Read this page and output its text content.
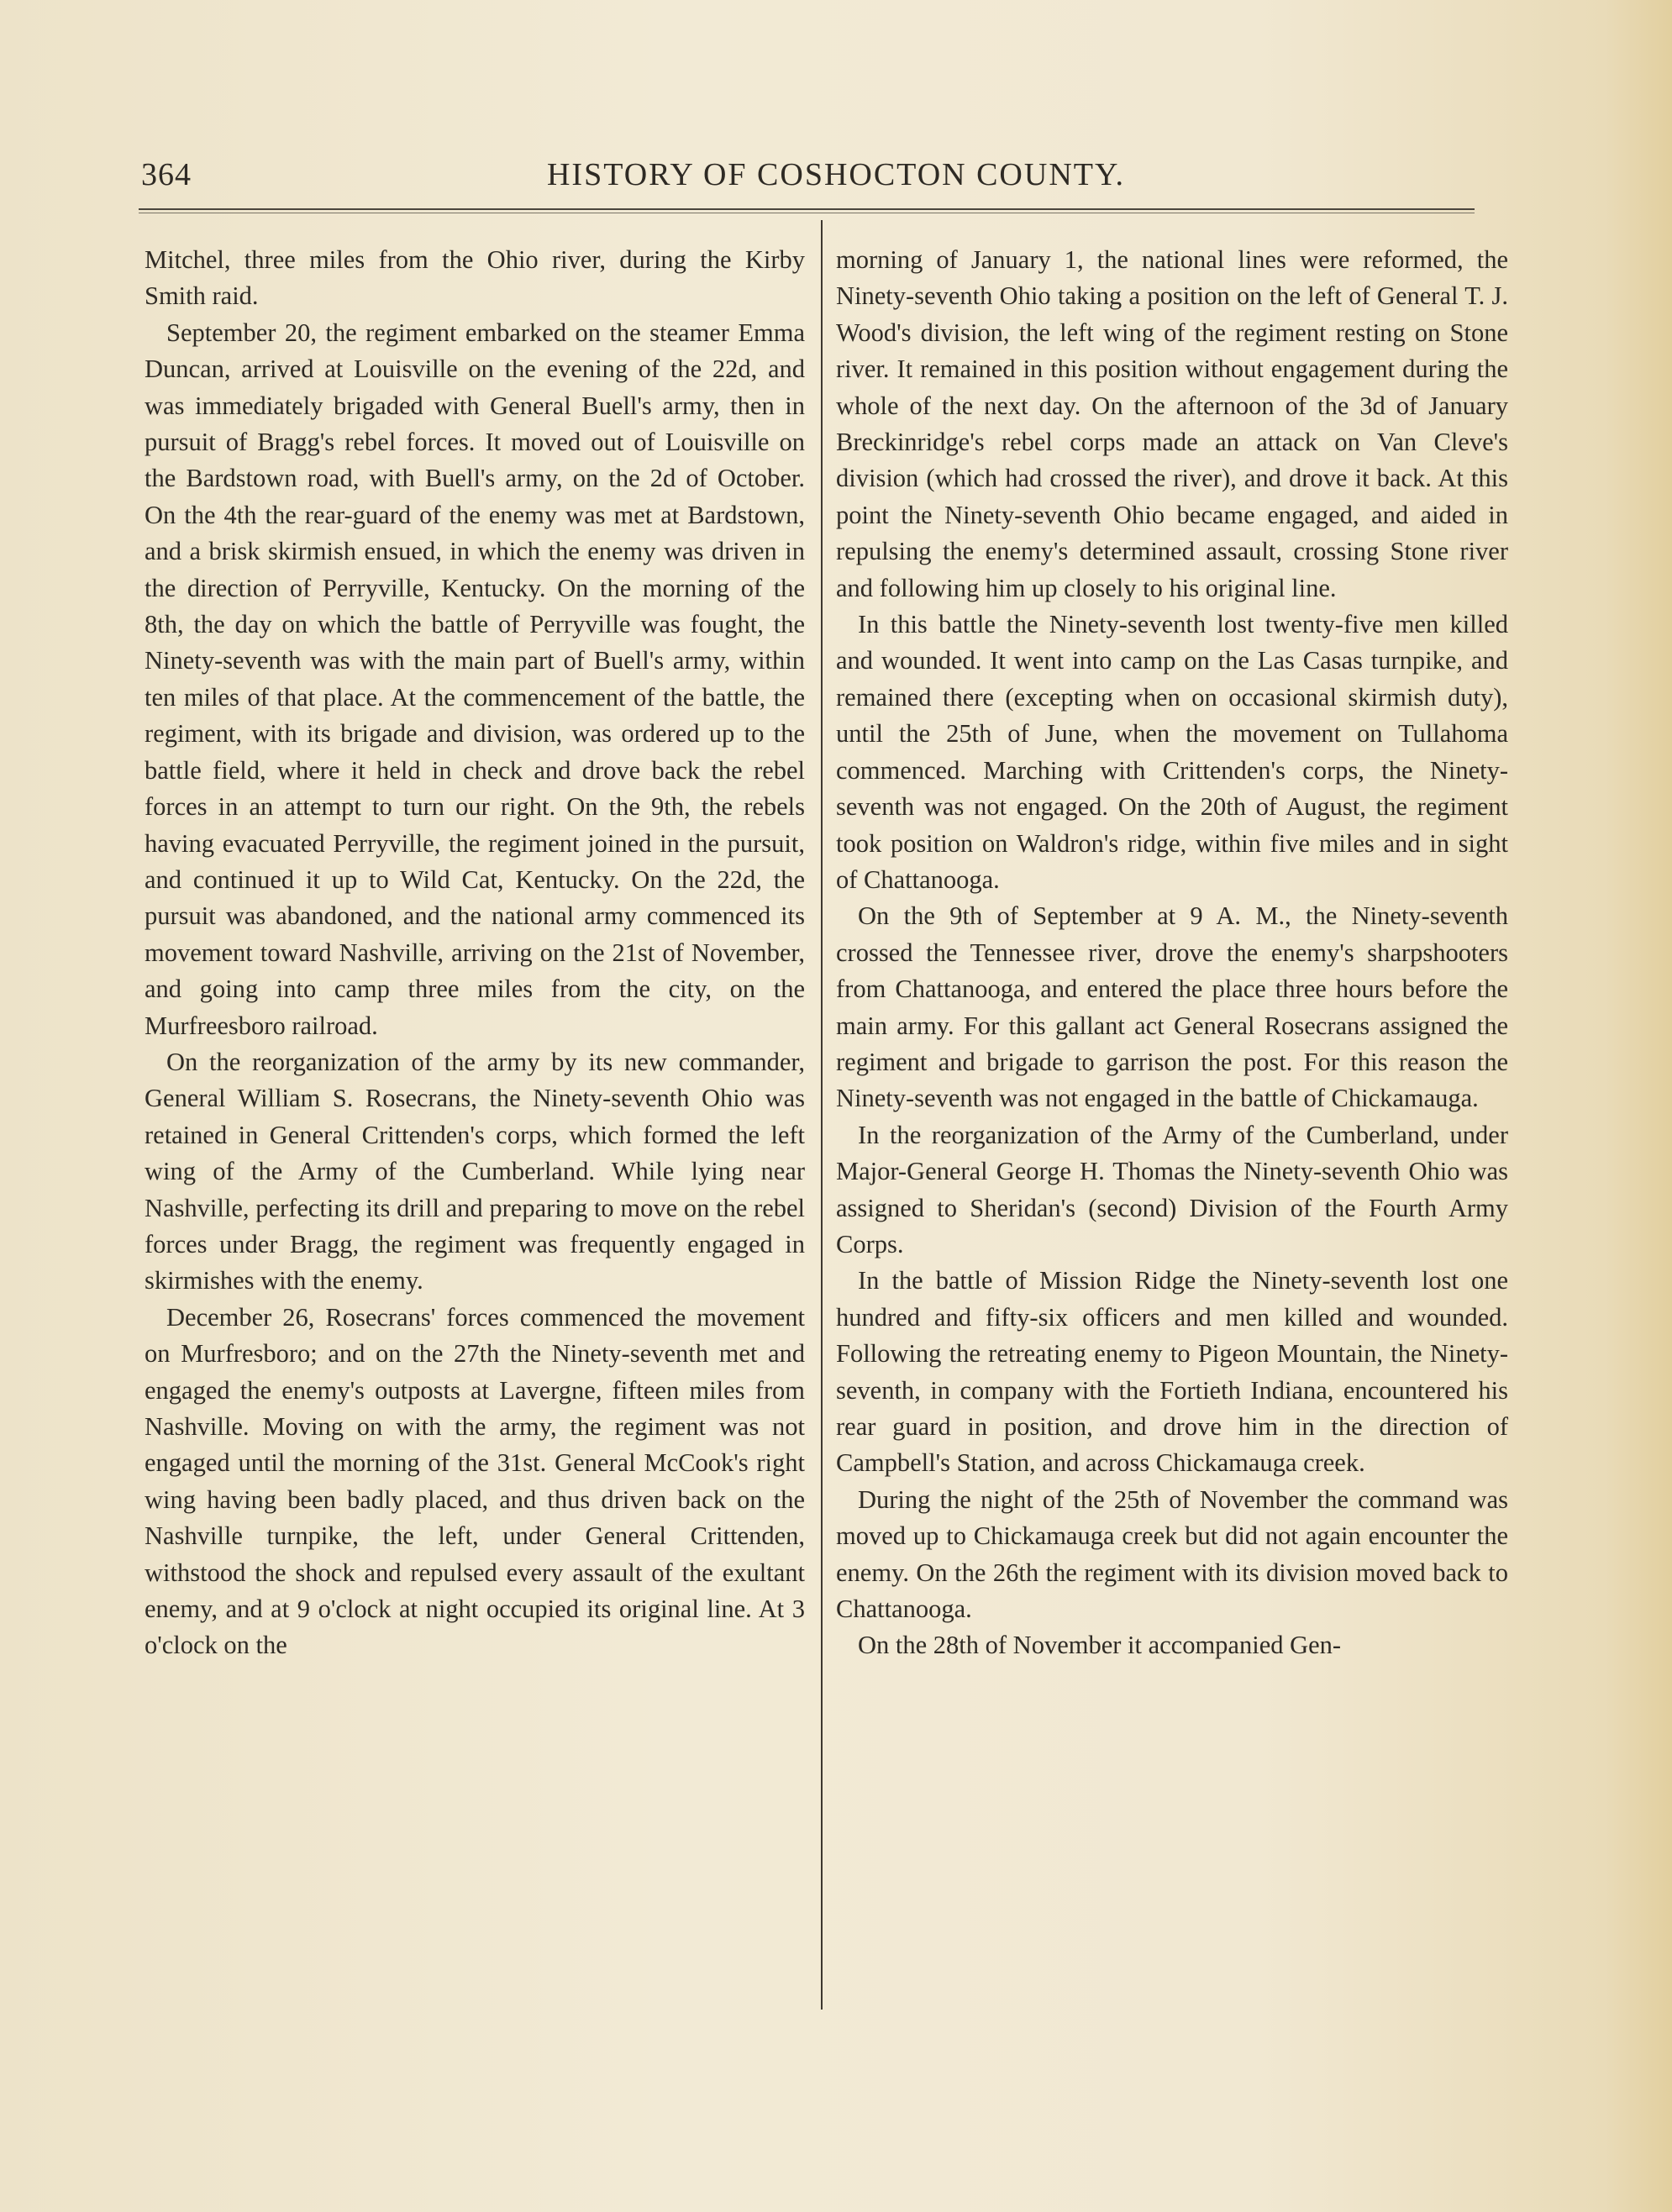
364	HISTORY OF COSHOCTON COUNTY.

Mitchel, three miles from the Ohio river, during the Kirby Smith raid.

September 20, the regiment embarked on the steamer Emma Duncan, arrived at Louisville on the evening of the 22d, and was immediately brigaded with General Buell's army, then in pursuit of Bragg's rebel forces. It moved out of Louisville on the Bardstown road, with Buell's army, on the 2d of October. On the 4th the rear-guard of the enemy was met at Bardstown, and a brisk skirmish ensued, in which the enemy was driven in the direction of Perryville, Kentucky. On the morning of the 8th, the day on which the battle of Perryville was fought, the Ninety-seventh was with the main part of Buell's army, within ten miles of that place. At the commencement of the battle, the regiment, with its brigade and division, was ordered up to the battle field, where it held in check and drove back the rebel forces in an attempt to turn our right. On the 9th, the rebels having evacuated Perryville, the regiment joined in the pursuit, and continued it up to Wild Cat, Kentucky. On the 22d, the pursuit was abandoned, and the national army commenced its movement toward Nashville, arriving on the 21st of November, and going into camp three miles from the city, on the Murfreesboro railroad.

On the reorganization of the army by its new commander, General William S. Rosecrans, the Ninety-seventh Ohio was retained in General Crittenden's corps, which formed the left wing of the Army of the Cumberland. While lying near Nashville, perfecting its drill and preparing to move on the rebel forces under Bragg, the regiment was frequently engaged in skirmishes with the enemy.

December 26, Rosecrans' forces commenced the movement on Murfresboro; and on the 27th the Ninety-seventh met and engaged the enemy's outposts at Lavergne, fifteen miles from Nashville. Moving on with the army, the regiment was not engaged until the morning of the 31st. General McCook's right wing having been badly placed, and thus driven back on the Nashville turnpike, the left, under General Crittenden, withstood the shock and repulsed every assault of the exultant enemy, and at 9 o'clock at night occupied its original line. At 3 o'clock on the

morning of January 1, the national lines were reformed, the Ninety-seventh Ohio taking a position on the left of General T. J. Wood's division, the left wing of the regiment resting on Stone river. It remained in this position without engagement during the whole of the next day. On the afternoon of the 3d of January Breckinridge's rebel corps made an attack on Van Cleve's division (which had crossed the river), and drove it back. At this point the Ninety-seventh Ohio became engaged, and aided in repulsing the enemy's determined assault, crossing Stone river and following him up closely to his original line.

In this battle the Ninety-seventh lost twenty-five men killed and wounded. It went into camp on the Las Casas turnpike, and remained there (excepting when on occasional skirmish duty), until the 25th of June, when the movement on Tullahoma commenced. Marching with Crittenden's corps, the Ninety-seventh was not engaged. On the 20th of August, the regiment took position on Waldron's ridge, within five miles and in sight of Chattanooga.

On the 9th of September at 9 A. M., the Ninety-seventh crossed the Tennessee river, drove the enemy's sharpshooters from Chattanooga, and entered the place three hours before the main army. For this gallant act General Rosecrans assigned the regiment and brigade to garrison the post. For this reason the Ninety-seventh was not engaged in the battle of Chickamauga.

In the reorganization of the Army of the Cumberland, under Major-General George H. Thomas the Ninety-seventh Ohio was assigned to Sheridan's (second) Division of the Fourth Army Corps.

In the battle of Mission Ridge the Ninety-seventh lost one hundred and fifty-six officers and men killed and wounded. Following the retreating enemy to Pigeon Mountain, the Ninety-seventh, in company with the Fortieth Indiana, encountered his rear guard in position, and drove him in the direction of Campbell's Station, and across Chickamauga creek.

During the night of the 25th of November the command was moved up to Chickamauga creek but did not again encounter the enemy. On the 26th the regiment with its division moved back to Chattanooga.

On the 28th of November it accompanied Gen-
